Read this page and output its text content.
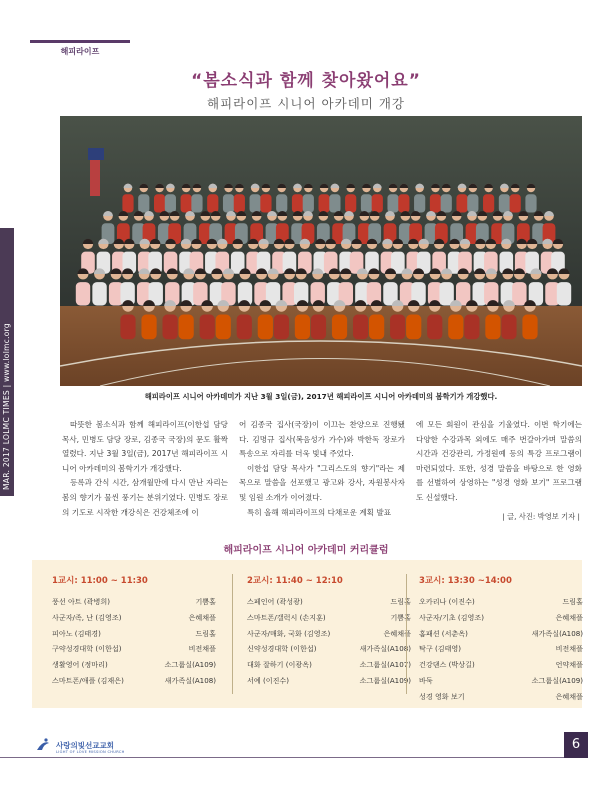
해피라이프
MAR. 2017 LOLMC TIMES | www.lolmc.org
“봄소식과 함께 찾아왔어요”
해피라이프 시니어 아카데미 개강
해피라이프 시니어 아카데미가 지난 3월 3일(금), 2017년 해피라이프 시니어 아카데미의 봄학기가 개강했다.

따뜻한 봄소식과 함께 해피라이프(이한섭 담당 목사, 민병도 담당 장로, 김종국 국장)의 문도 활짝 열렸다. 지난 3월 3일(금), 2017년 해피라이프 시니어 아카데미의 봄학기가 개강했다.

등록과 간식 시간, 삼개월만에 다시 만난 자리는 봄의 향기가 물씬 풍기는 분위기였다. 민병도 장로의 기도로 시작한 개강식은 건강체조에 이

어 김종국 집사(국장)이 이끄는 찬양으로 진행됐다. 김명규 집사(복음성가 가수)와 박한독 장로가 특송으로 자리를 더욱 빛내 주었다.

이한섭 담당 목사가 "그리스도의 향기"라는 제목으로 말씀을 선포했고 광고와 강사, 자원봉사자 및 임원 소개가 이어졌다.

특히 올해 해피라이프의 다채로운 계획 발표

에 모든 회원이 관심을 기울였다. 이번 학기에는 다양한 수강과목 외에도 매주 번갈아가며 말씀의 시간과 건강관리, 가정원예 등의 특강 프로그램이 마련되었다. 또한, 성경 말씀을 바탕으로 한 영화를 선별하여 상영하는 "성경 영화 보기" 프로그램도 신설했다.

| 글, 사진: 박영보 기자 |
해피라이프 시니어 아카데미 커리큘럼
1교시: 11:00 ~ 11:30
풍선 아트 (곽병희)	기쁨홀
사군자/족, 난 (김영조)	은혜채플
피아노 (김태경)	드림홀
구약성경대학 (이한섭)	비전채플
생활영어 (정마리)	소그룹실(A109)
스마트폰/애플 (김재은)	새가족실(A108)
2교시: 11:40 ~ 12:10
스페인어 (곽성광)	드림홀
스마트폰/갤럭시 (손지훈)	기쁨홀
사군자/매화, 국화 (김영조)	은혜채플
신약성경대학 (이한섭)	새가족실(A108)
대화 잘하기 (이광옥)	소그룹실(A107)
서예 (이진수)	소그룹실(A109)
3교시: 13:30 ~14:00
오카리나 (이진수)	드림홀
사군자/기초 (김영조)	은혜채플
홈패션 (서춘옥)	새가족실(A108)
탁구 (김태영)	비전채플
건강댄스 (박상길)	언약채플
바둑	소그룹실(A109)
성경 영화 보기	은혜채플
사랑의빛선교교회
LIGHT OF LOVE MISSION CHURCH	6
